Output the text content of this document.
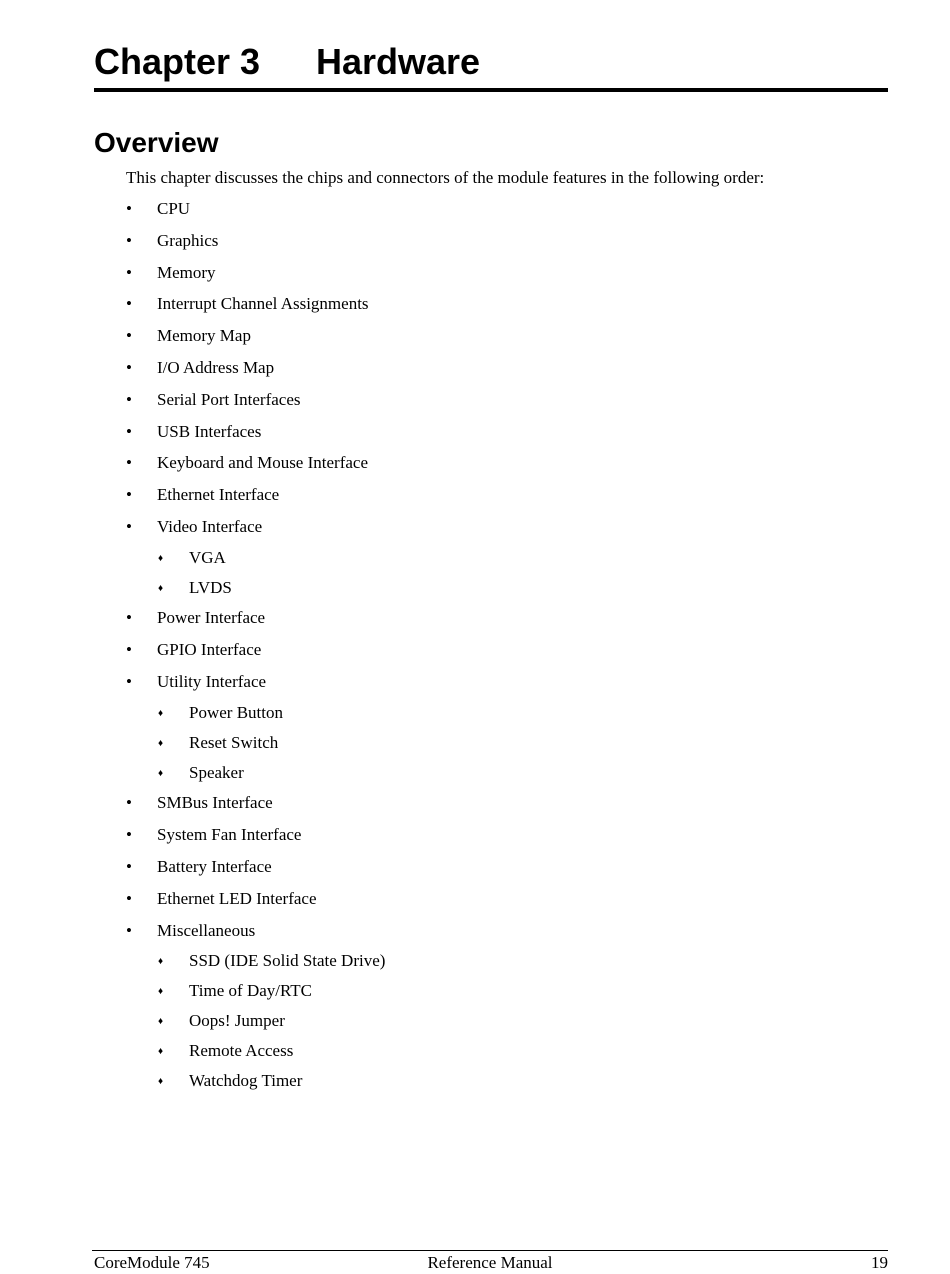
Chapter 3 Hardware
Overview

This chapter discusses the chips and connectors of the module features in the following order:

• CPU
• Graphics
• Memory
• Interrupt Channel Assignments
• Memory Map
• I/O Address Map
• Serial Port Interfaces
• USB Interfaces
• Keyboard and Mouse Interface
• Ethernet Interface
• Video Interface
♦ VGA
♦ LVDS
• Power Interface
• GPIO Interface
• Utility Interface
♦ Power Button
♦ Reset Switch
♦ Speaker
• SMBus Interface
• System Fan Interface
• Battery Interface
• Ethernet LED Interface
• Miscellaneous
♦ SSD (IDE Solid State Drive)
♦ Time of Day/RTC
♦ Oops! Jumper
♦ Remote Access
♦ Watchdog Timer
CoreModule 745	Reference Manual	19
